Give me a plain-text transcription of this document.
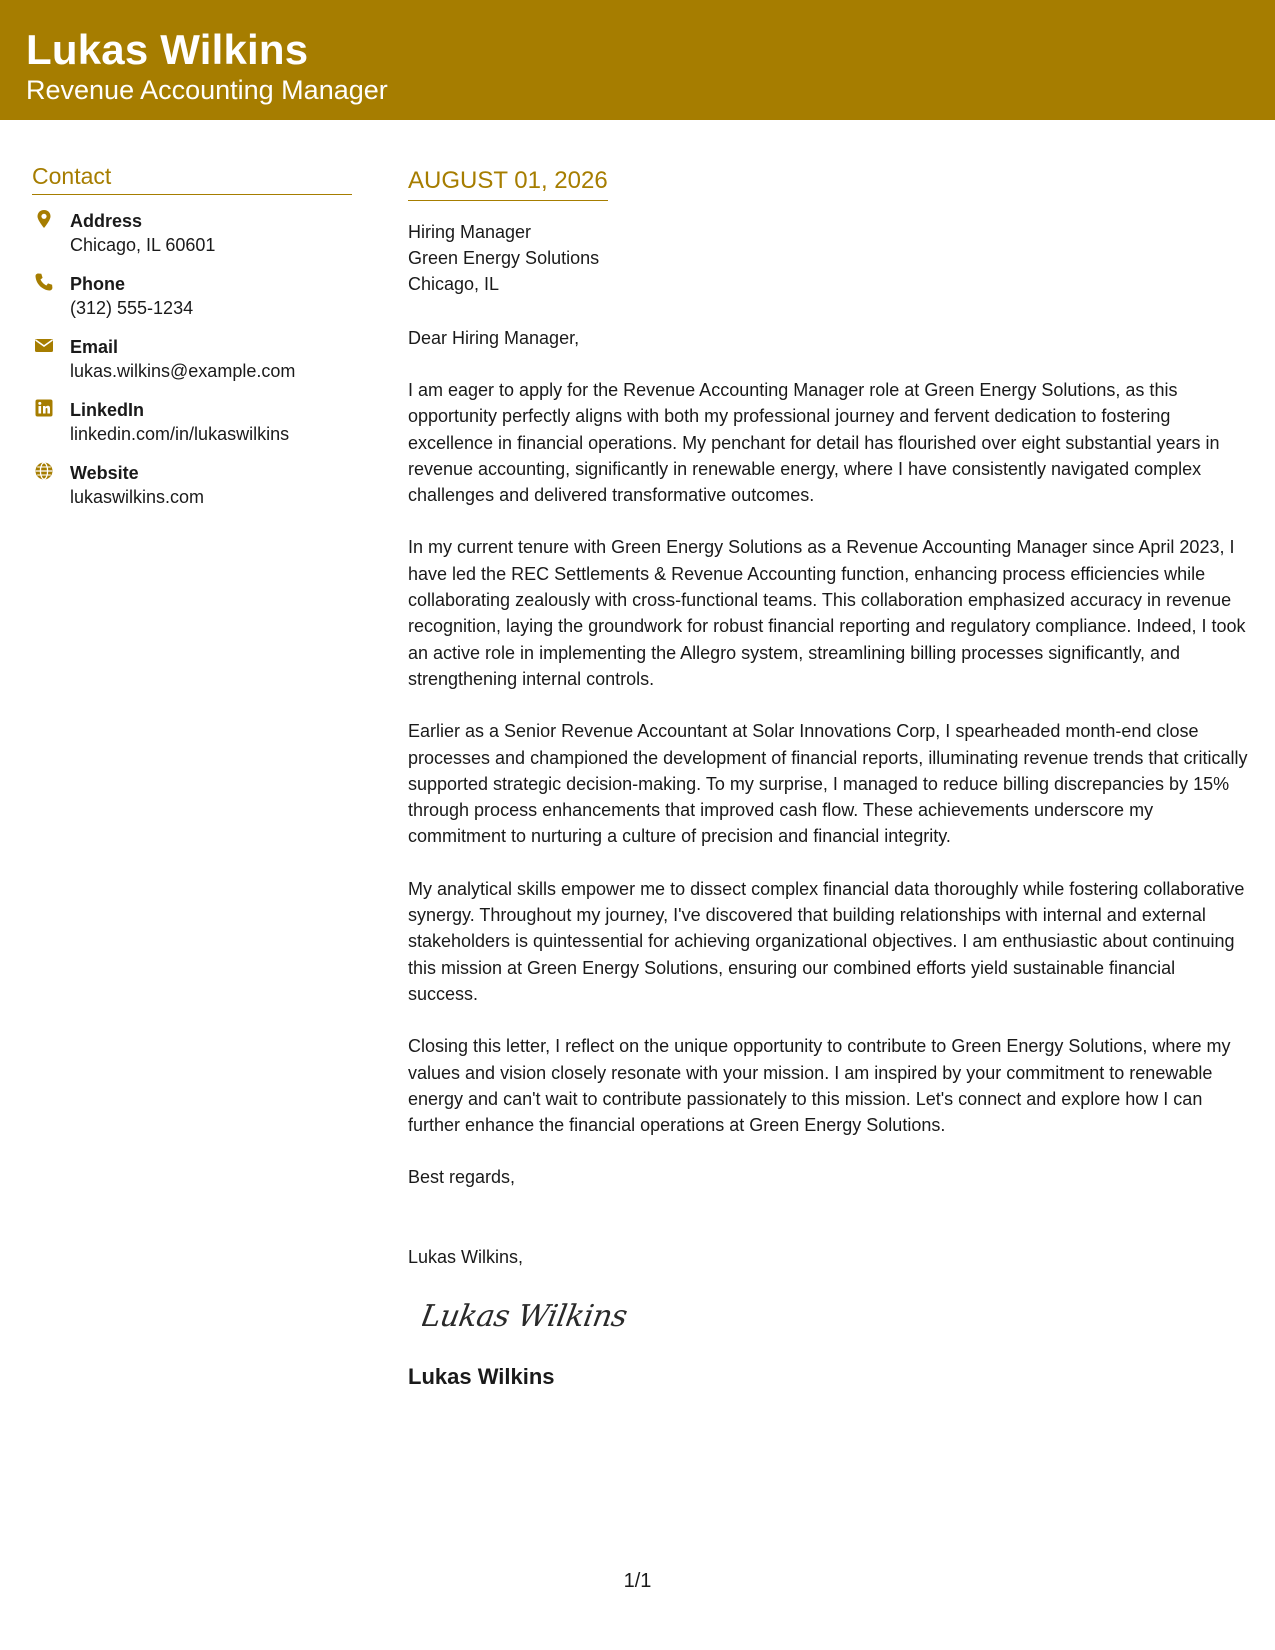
Lukas Wilkins
Revenue Accounting Manager
Contact
Address
Chicago, IL 60601
Phone
(312) 555-1234
Email
lukas.wilkins@example.com
LinkedIn
linkedin.com/in/lukaswilkins
Website
lukaswilkins.com
AUGUST 01, 2026
Hiring Manager
Green Energy Solutions
Chicago, IL
Dear Hiring Manager,

I am eager to apply for the Revenue Accounting Manager role at Green Energy Solutions, as this opportunity perfectly aligns with both my professional journey and fervent dedication to fostering excellence in financial operations. My penchant for detail has flourished over eight substantial years in revenue accounting, significantly in renewable energy, where I have consistently navigated complex challenges and delivered transformative outcomes.

In my current tenure with Green Energy Solutions as a Revenue Accounting Manager since April 2023, I have led the REC Settlements & Revenue Accounting function, enhancing process efficiencies while collaborating zealously with cross-functional teams. This collaboration emphasized accuracy in revenue recognition, laying the groundwork for robust financial reporting and regulatory compliance. Indeed, I took an active role in implementing the Allegro system, streamlining billing processes significantly, and strengthening internal controls.

Earlier as a Senior Revenue Accountant at Solar Innovations Corp, I spearheaded month-end close processes and championed the development of financial reports, illuminating revenue trends that critically supported strategic decision-making. To my surprise, I managed to reduce billing discrepancies by 15% through process enhancements that improved cash flow. These achievements underscore my commitment to nurturing a culture of precision and financial integrity.

My analytical skills empower me to dissect complex financial data thoroughly while fostering collaborative synergy. Throughout my journey, I've discovered that building relationships with internal and external stakeholders is quintessential for achieving organizational objectives. I am enthusiastic about continuing this mission at Green Energy Solutions, ensuring our combined efforts yield sustainable financial success.

Closing this letter, I reflect on the unique opportunity to contribute to Green Energy Solutions, where my values and vision closely resonate with your mission. I am inspired by your commitment to renewable energy and can't wait to contribute passionately to this mission. Let's connect and explore how I can further enhance the financial operations at Green Energy Solutions.

Best regards,
Lukas Wilkins,
Lukas Wilkins
Lukas Wilkins
1/1
